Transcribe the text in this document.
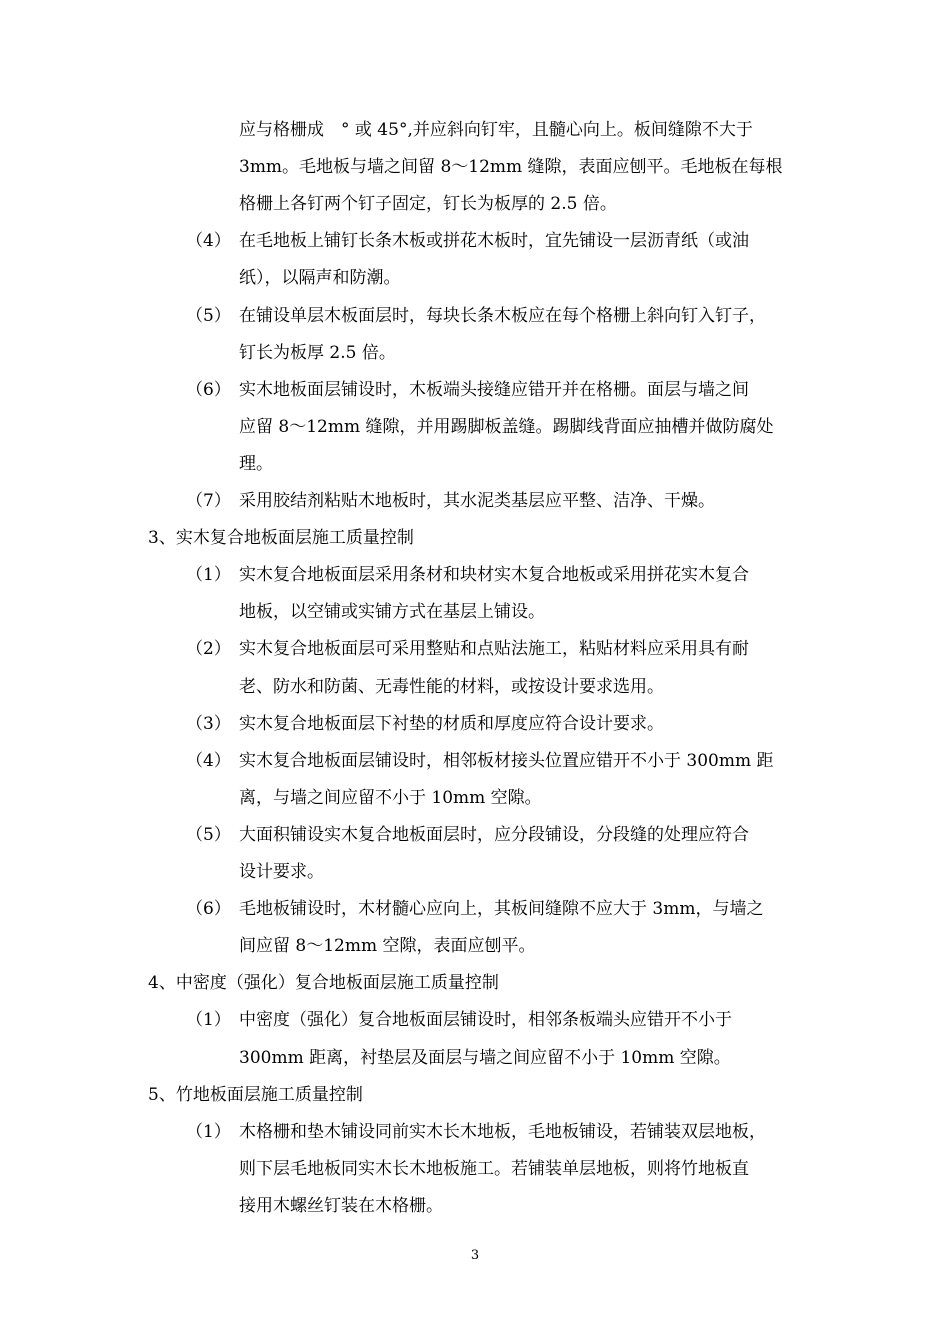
应与格栅成　° 或 45°,并应斜向钉牢，且髓心向上。板间缝隙不大于
3mm。毛地板与墙之间留 8～12mm 缝隙，表面应刨平。毛地板在每根
格栅上各钉两个钉子固定，钉长为板厚的 2.5 倍。
（4） 在毛地板上铺钉长条木板或拼花木板时，宜先铺设一层沥青纸（或油
纸），以隔声和防潮。
（5） 在铺设单层木板面层时，每块长条木板应在每个格栅上斜向钉入钉子，
钉长为板厚 2.5 倍。
（6） 实木地板面层铺设时，木板端头接缝应错开并在格栅。面层与墙之间
应留 8～12mm 缝隙，并用踢脚板盖缝。踢脚线背面应抽槽并做防腐处
理。
（7） 采用胶结剂粘贴木地板时，其水泥类基层应平整、洁净、干燥。
3、实木复合地板面层施工质量控制
（1） 实木复合地板面层采用条材和块材实木复合地板或采用拼花实木复合
地板，以空铺或实铺方式在基层上铺设。
（2） 实木复合地板面层可采用整贴和点贴法施工，粘贴材料应采用具有耐
老、防水和防菌、无毒性能的材料，或按设计要求选用。
（3） 实木复合地板面层下衬垫的材质和厚度应符合设计要求。
（4） 实木复合地板面层铺设时，相邻板材接头位置应错开不小于 300mm 距
离，与墙之间应留不小于 10mm 空隙。
（5） 大面积铺设实木复合地板面层时，应分段铺设，分段缝的处理应符合
设计要求。
（6） 毛地板铺设时，木材髓心应向上，其板间缝隙不应大于 3mm，与墙之
间应留 8～12mm 空隙，表面应刨平。
4、中密度（强化）复合地板面层施工质量控制
（1） 中密度（强化）复合地板面层铺设时，相邻条板端头应错开不小于
300mm 距离，衬垫层及面层与墙之间应留不小于 10mm 空隙。
5、竹地板面层施工质量控制
（1） 木格栅和垫木铺设同前实木长木地板，毛地板铺设，若铺装双层地板，
则下层毛地板同实木长木地板施工。若铺装单层地板，则将竹地板直
接用木螺丝钉装在木格栅。
3
